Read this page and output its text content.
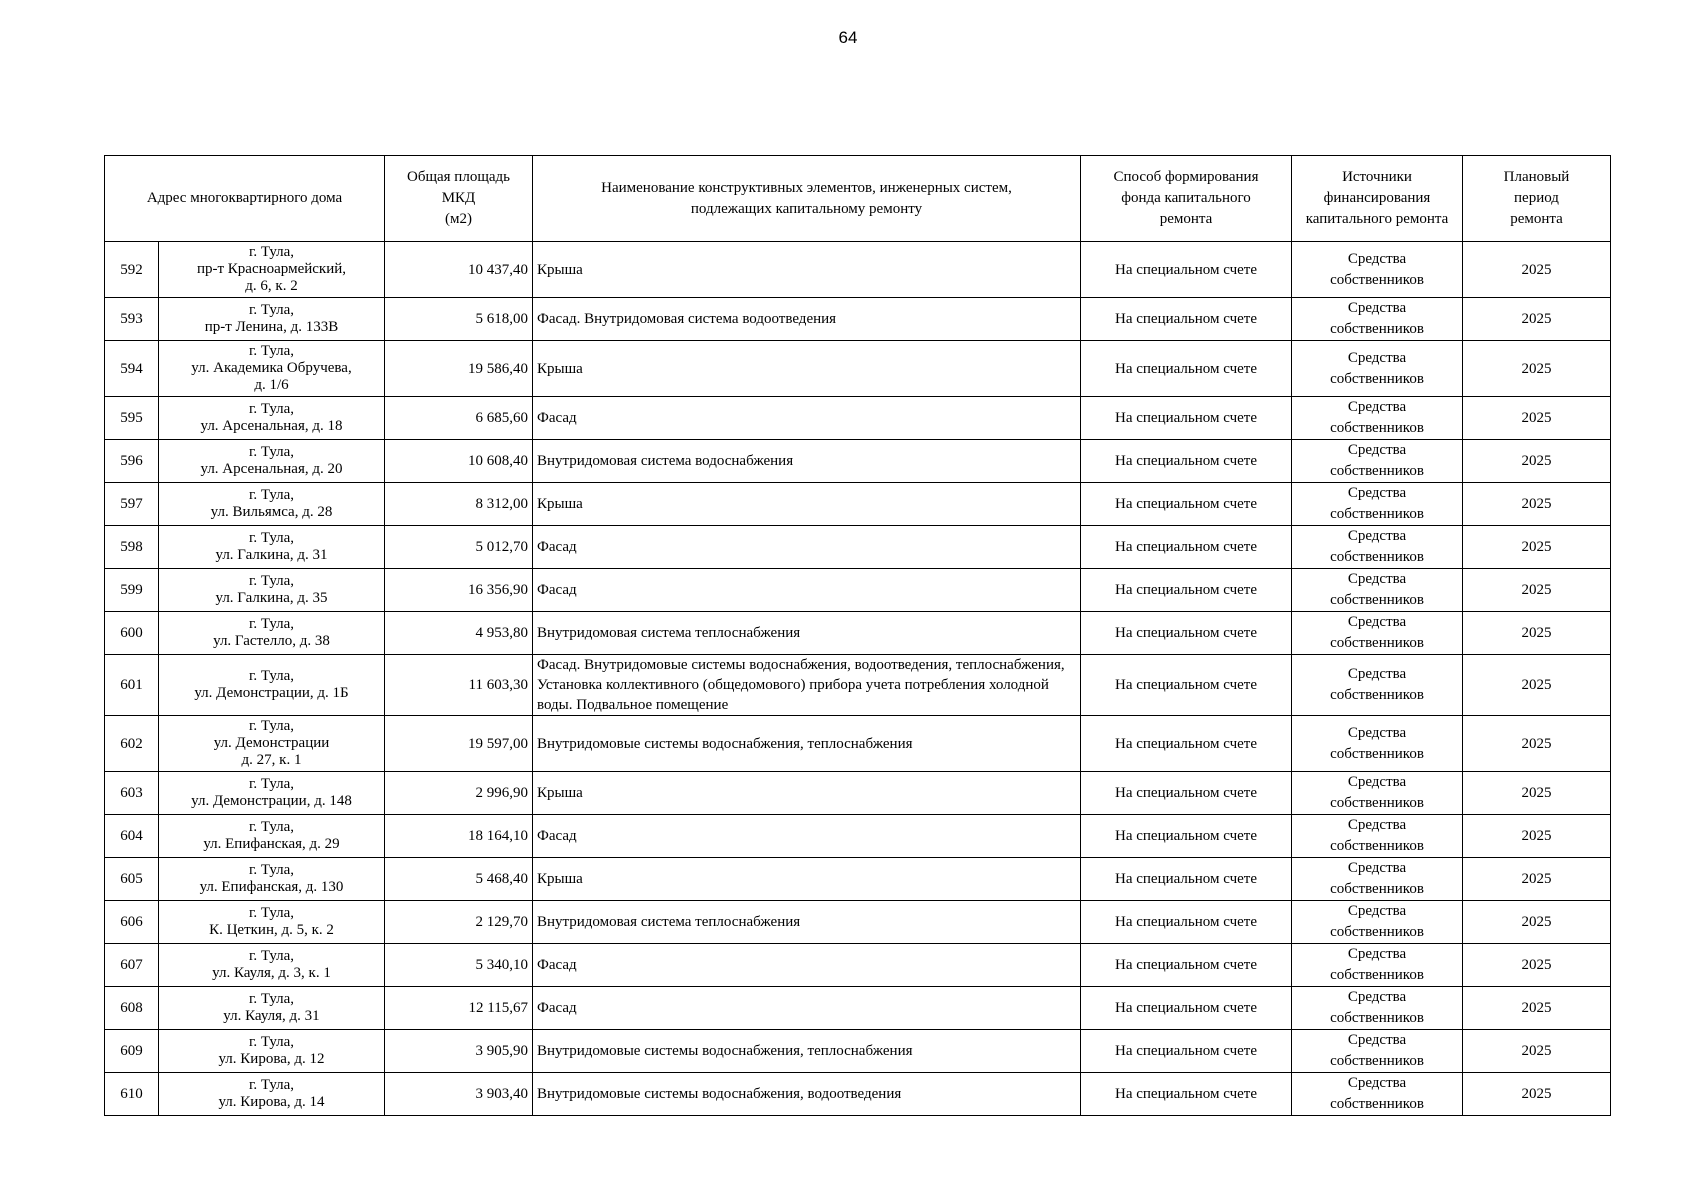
64
Адрес многоквартирного дома		Общая площадь
МКД
(м2)	Наименование конструктивных элементов, инженерных систем,
подлежащих капитальному ремонту	Способ формирования
фонда капитального
ремонта	Источники
финансирования
капитального ремонта	Плановый
период
ремонта

592	г. Тула,
пр-т Красноармейский,
д. 6, к. 2	10 437,40	Крыша	На специальном счете	Средства
собственников	2025
593	г. Тула,
пр-т Ленина, д. 133В	5 618,00	Фасад. Внутридомовая система водоотведения	На специальном счете	Средства
собственников	2025
594	г. Тула,
ул. Академика Обручева,
д. 1/6	19 586,40	Крыша	На специальном счете	Средства
собственников	2025
595	г. Тула,
ул. Арсенальная, д. 18	6 685,60	Фасад	На специальном счете	Средства
собственников	2025
596	г. Тула,
ул. Арсенальная, д. 20	10 608,40	Внутридомовая система водоснабжения	На специальном счете	Средства
собственников	2025
597	г. Тула,
ул. Вильямса, д. 28	8 312,00	Крыша	На специальном счете	Средства
собственников	2025
598	г. Тула,
ул. Галкина, д. 31	5 012,70	Фасад	На специальном счете	Средства
собственников	2025
599	г. Тула,
ул. Галкина, д. 35	16 356,90	Фасад	На специальном счете	Средства
собственников	2025
600	г. Тула,
ул. Гастелло, д. 38	4 953,80	Внутридомовая система теплоснабжения	На специальном счете	Средства
собственников	2025
601	г. Тула,
ул. Демонстрации, д. 1Б	11 603,30	Фасад. Внутридомовые системы водоснабжения, водоотведения, теплоснабжения, Установка коллективного (общедомового) прибора учета потребления холодной воды. Подвальное помещение	На специальном счете	Средства
собственников	2025
602	г. Тула,
ул. Демонстрации
д. 27, к. 1	19 597,00	Внутридомовые системы водоснабжения, теплоснабжения	На специальном счете	Средства
собственников	2025
603	г. Тула,
ул. Демонстрации, д. 148	2 996,90	Крыша	На специальном счете	Средства
собственников	2025
604	г. Тула,
ул. Епифанская, д. 29	18 164,10	Фасад	На специальном счете	Средства
собственников	2025
605	г. Тула,
ул. Епифанская, д. 130	5 468,40	Крыша	На специальном счете	Средства
собственников	2025
606	г. Тула,
К. Цеткин, д. 5, к. 2	2 129,70	Внутридомовая система теплоснабжения	На специальном счете	Средства
собственников	2025
607	г. Тула,
ул. Кауля, д. 3, к. 1	5 340,10	Фасад	На специальном счете	Средства
собственников	2025
608	г. Тула,
ул. Кауля, д. 31	12 115,67	Фасад	На специальном счете	Средства
собственников	2025
609	г. Тула,
ул. Кирова, д. 12	3 905,90	Внутридомовые системы водоснабжения, теплоснабжения	На специальном счете	Средства
собственников	2025
610	г. Тула,
ул. Кирова, д. 14	3 903,40	Внутридомовые системы водоснабжения, водоотведения	На специальном счете	Средства
собственников	2025
